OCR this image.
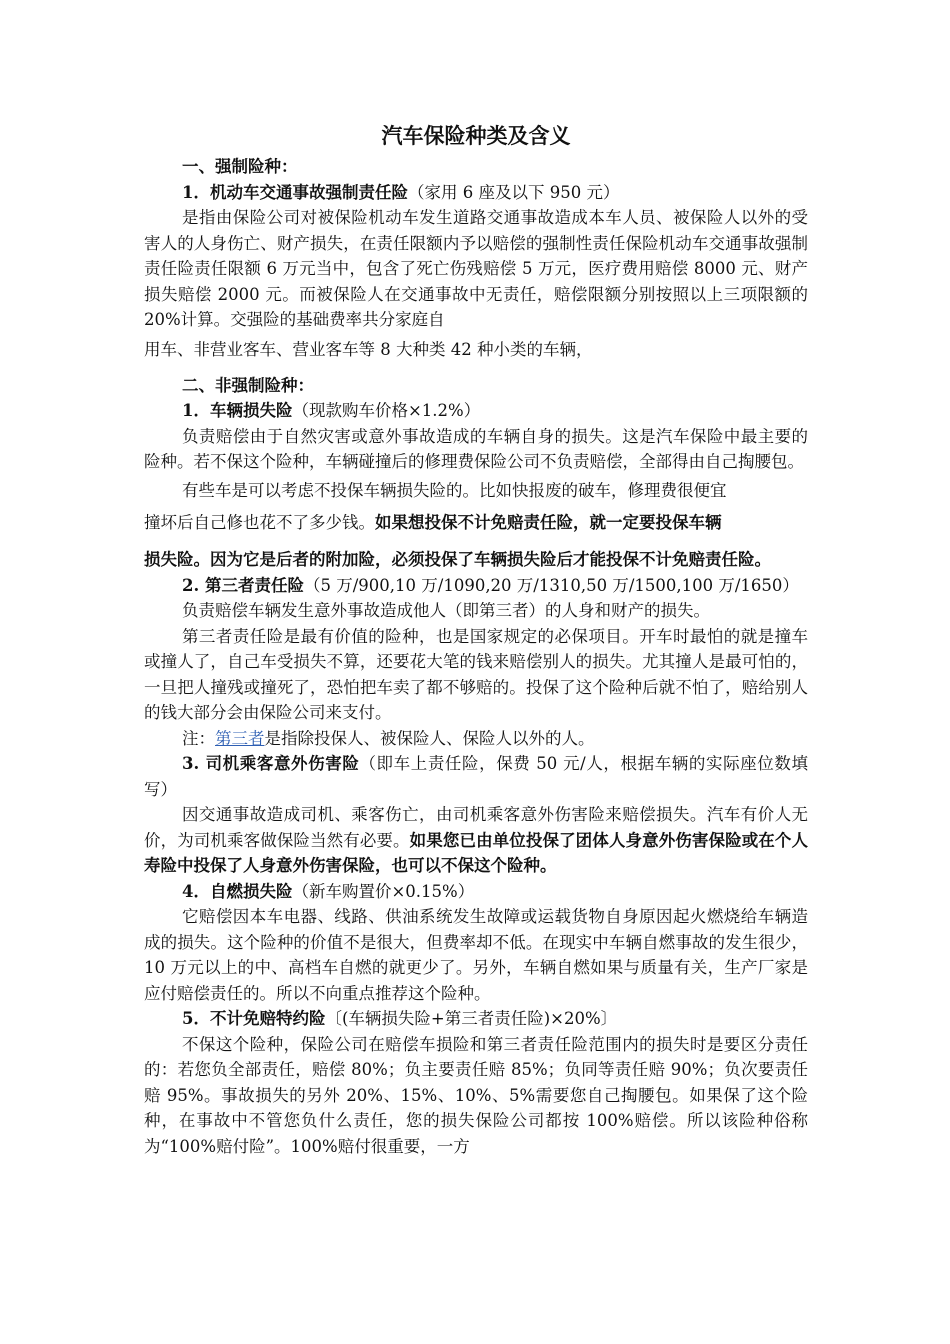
汽车保险种类及含义

一、强制险种：

1．机动车交通事故强制责任险（家用 6 座及以下 950 元）

是指由保险公司对被保险机动车发生道路交通事故造成本车人员、被保险人以外的受害人的人身伤亡、财产损失，在责任限额内予以赔偿的强制性责任保险机动车交通事故强制责任险责任限额 6 万元当中，包含了死亡伤残赔偿 5 万元，医疗费用赔偿 8000 元、财产损失赔偿 2000 元。而被保险人在交通事故中无责任，赔偿限额分别按照以上三项限额的 20%计算。交强险的基础费率共分家庭自

用车、非营业客车、营业客车等 8 大种类 42 种小类的车辆，

二、非强制险种：

1．车辆损失险（现款购车价格×1.2%）

负责赔偿由于自然灾害或意外事故造成的车辆自身的损失。这是汽车保险中最主要的险种。若不保这个险种，车辆碰撞后的修理费保险公司不负责赔偿，全部得由自己掏腰包。

有些车是可以考虑不投保车辆损失险的。比如快报废的破车，修理费很便宜

撞坏后自己修也花不了多少钱。如果想投保不计免赔责任险，就一定要投保车辆

损失险。因为它是后者的附加险，必须投保了车辆损失险后才能投保不计免赔责任险。

2. 第三者责任险（5 万/900,10 万/1090,20 万/1310,50 万/1500,100 万/1650）

负责赔偿车辆发生意外事故造成他人（即第三者）的人身和财产的损失。

第三者责任险是最有价值的险种，也是国家规定的必保项目。开车时最怕的就是撞车或撞人了，自己车受损失不算，还要花大笔的钱来赔偿别人的损失。尤其撞人是最可怕的，一旦把人撞残或撞死了，恐怕把车卖了都不够赔的。投保了这个险种后就不怕了，赔给别人的钱大部分会由保险公司来支付。

注：第三者是指除投保人、被保险人、保险人以外的人。

3. 司机乘客意外伤害险（即车上责任险，保费 50 元/人，根据车辆的实际座位数填写）

因交通事故造成司机、乘客伤亡，由司机乘客意外伤害险来赔偿损失。汽车有价人无价，为司机乘客做保险当然有必要。如果您已由单位投保了团体人身意外伤害保险或在个人寿险中投保了人身意外伤害保险，也可以不保这个险种。

4．自燃损失险（新车购置价×0.15%）

它赔偿因本车电器、线路、供油系统发生故障或运载货物自身原因起火燃烧给车辆造成的损失。这个险种的价值不是很大，但费率却不低。在现实中车辆自燃事故的发生很少，10 万元以上的中、高档车自燃的就更少了。另外，车辆自燃如果与质量有关，生产厂家是应付赔偿责任的。所以不向重点推荐这个险种。

5．不计免赔特约险〔(车辆损失险+第三者责任险)×20%〕

不保这个险种，保险公司在赔偿车损险和第三者责任险范围内的损失时是要区分责任的：若您负全部责任，赔偿 80%；负主要责任赔 85%；负同等责任赔 90%；负次要责任赔 95%。事故损失的另外 20%、15%、10%、5%需要您自己掏腰包。如果保了这个险种，在事故中不管您负什么责任，您的损失保险公司都按 100%赔偿。所以该险种俗称为“100%赔付险”。100%赔付很重要，一方
